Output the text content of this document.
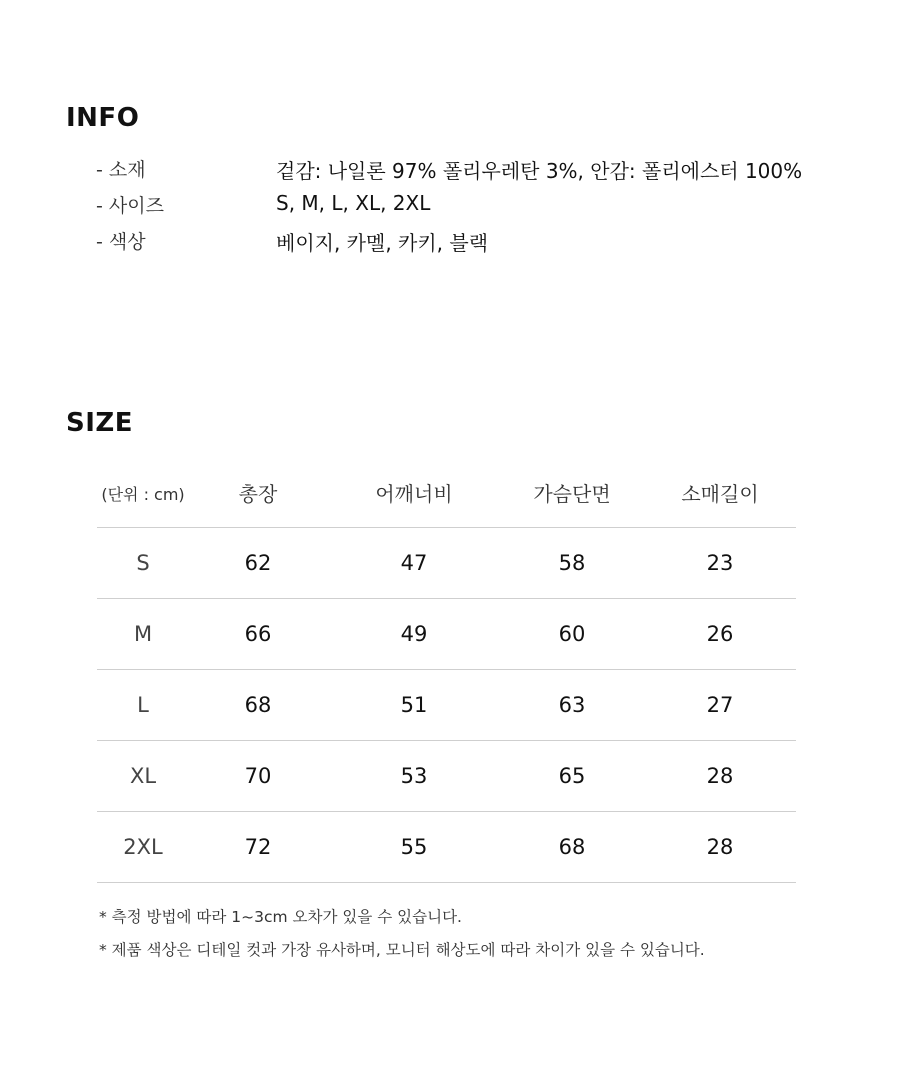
INFO
- 소재	겉감: 나일론 97% 폴리우레탄 3%, 안감: 폴리에스터 100%
- 사이즈	S, M, L, XL, 2XL
- 색상	베이지, 카멜, 카키, 블랙
SIZE
(단위 : cm)	총장	어깨너비	가슴단면	소매길이
S	62	47	58	23
M	66	49	60	26
L	68	51	63	27
XL	70	53	65	28
2XL	72	55	68	28
* 측정 방법에 따라 1~3cm 오차가 있을 수 있습니다.
* 제품 색상은 디테일 컷과 가장 유사하며, 모니터 해상도에 따라 차이가 있을 수 있습니다.
